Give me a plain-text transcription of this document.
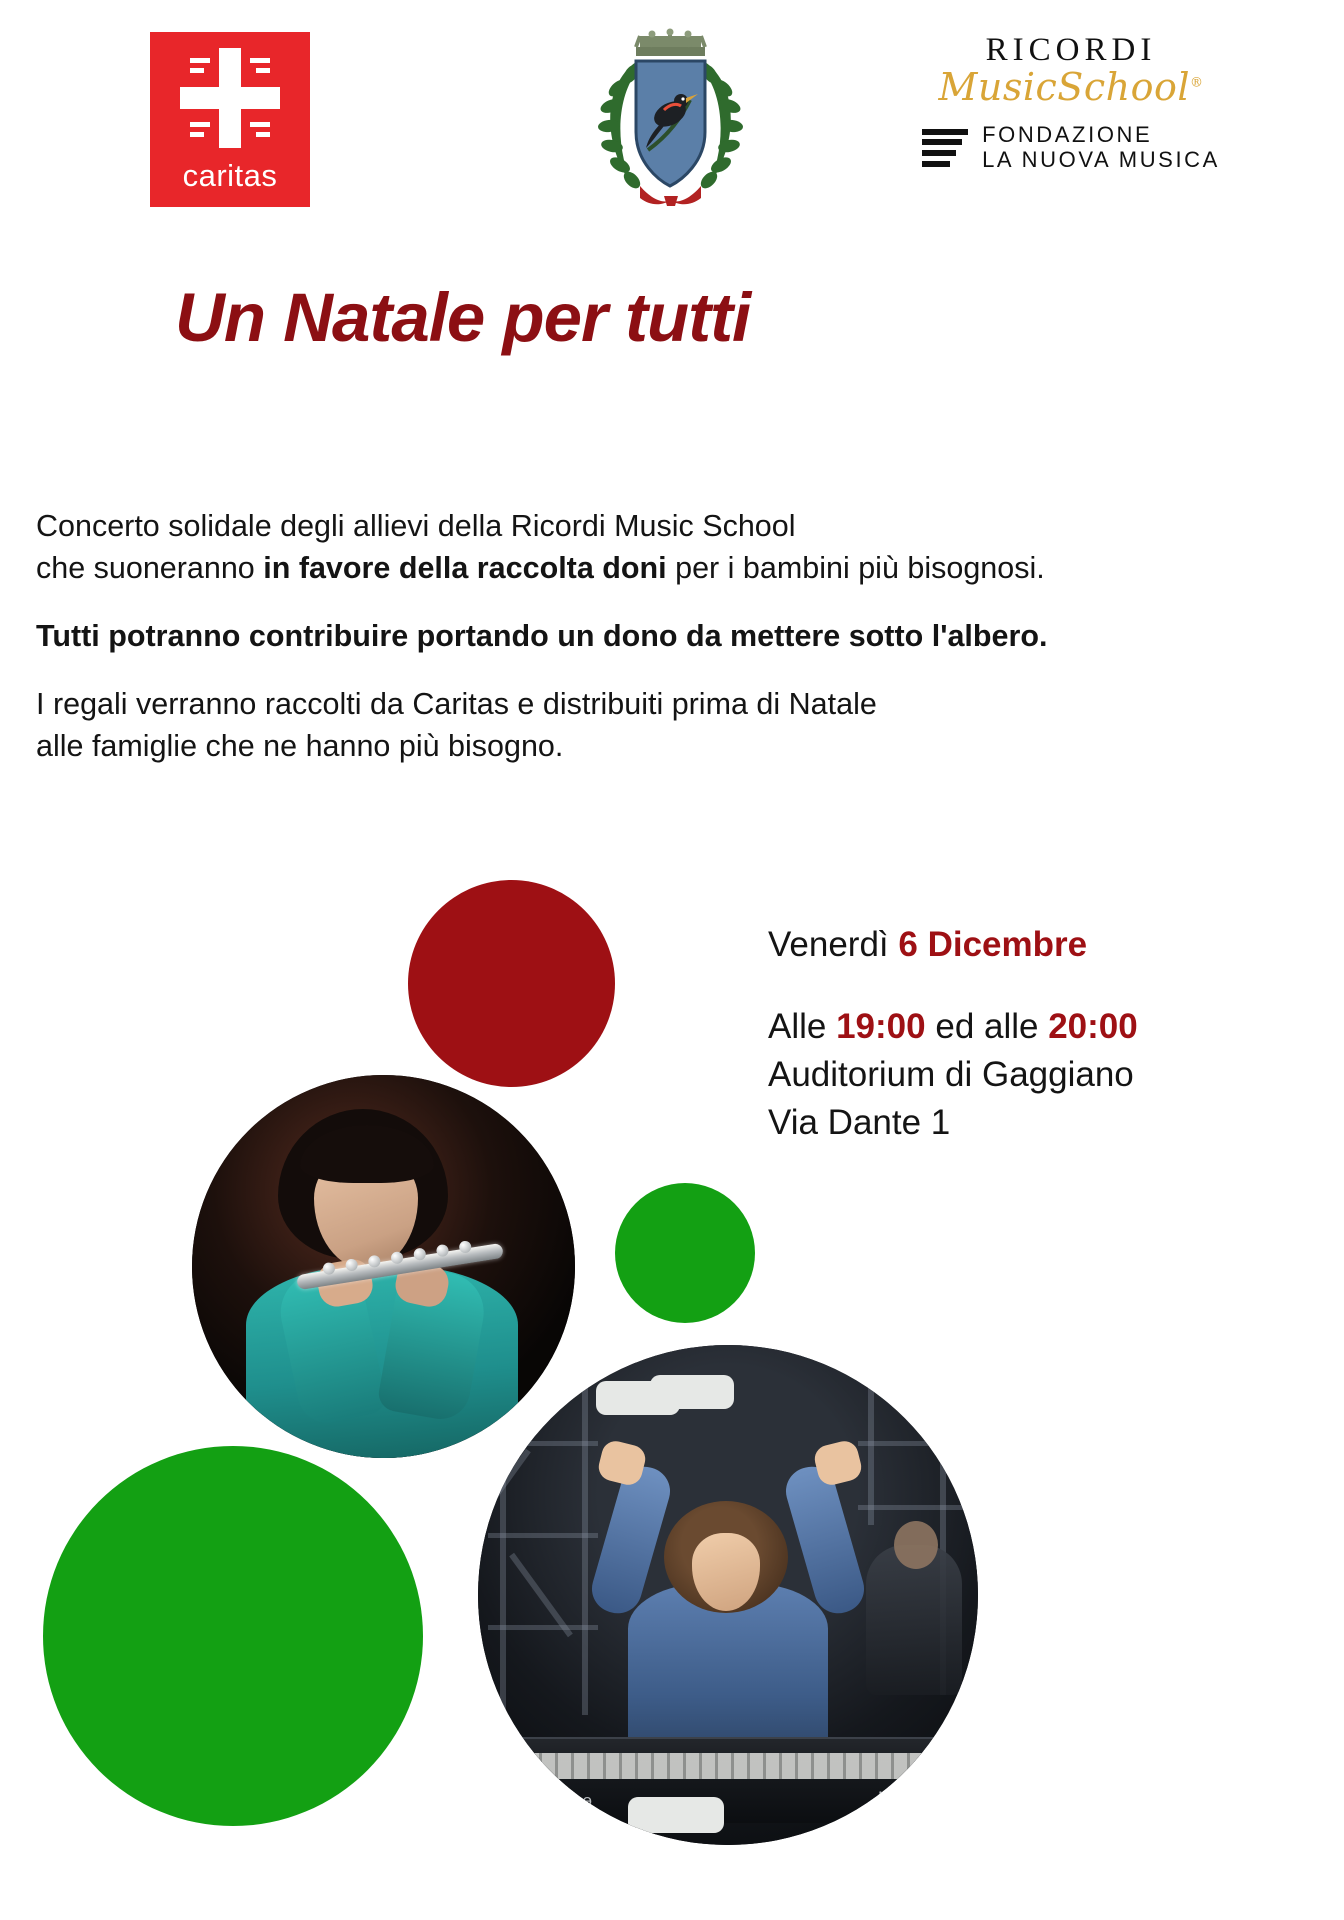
caritas
RICORDI
MusicSchool®
FONDAZIONE
LA NUOVA MUSICA
Un Natale per tutti

Concerto solidale degli allievi della Ricordi Music School

che suoneranno in favore della raccolta doni per i bambini più bisognosi.

Tutti potranno contribuire portando un dono da mettere sotto l'albero.

I regali verranno raccolti da Caritas e distribuiti prima di Natale

alle famiglie che ne hanno più bisogno.

Roland
ep 880
Venerdì 6 Dicembre
Alle 19:00 ed alle 20:00
Auditorium di Gaggiano
Via Dante 1
